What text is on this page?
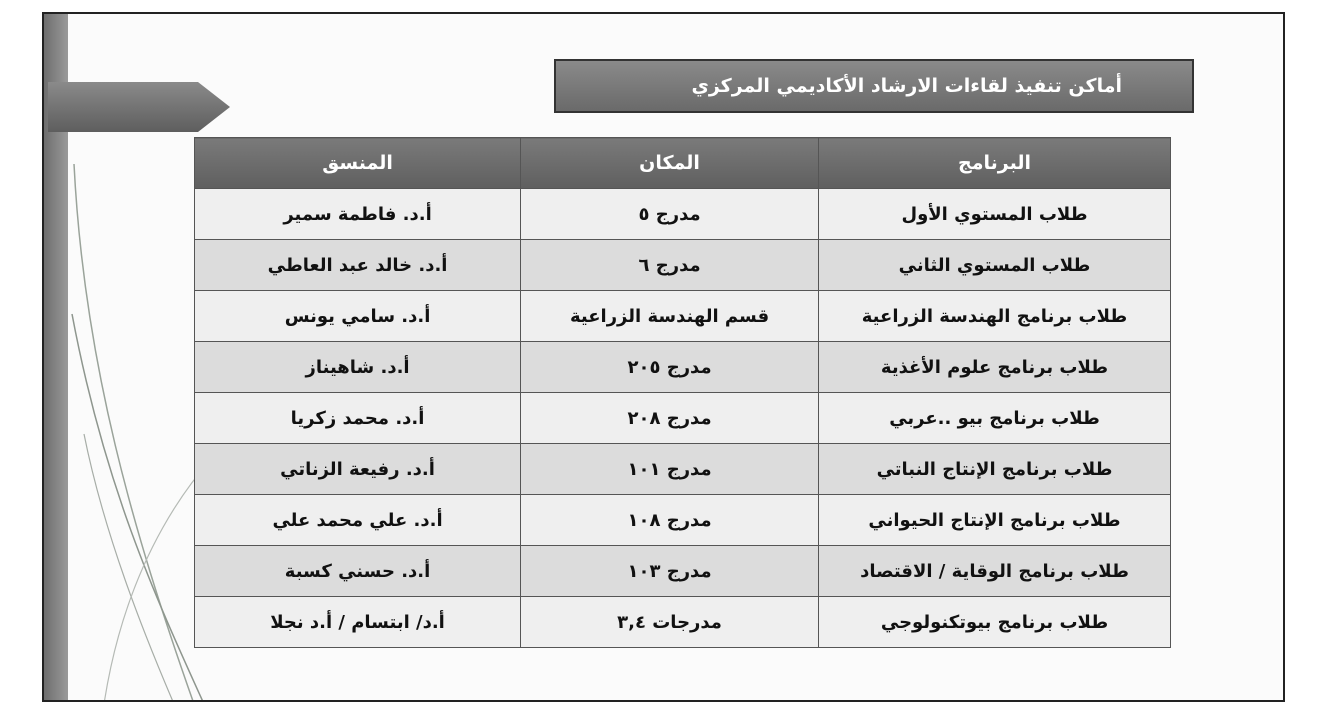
أماكن تنفيذ لقاءات الارشاد الأكاديمي المركزي
البرنامج	المكان	المنسق
طلاب المستوي الأول	مدرج ٥	أ.د. فاطمة سمير
طلاب المستوي الثاني	مدرج ٦	أ.د. خالد عبد العاطي
طلاب برنامج الهندسة الزراعية	قسم الهندسة الزراعية	أ.د. سامي يونس
طلاب برنامج علوم الأغذية	مدرج ٢٠٥	أ.د. شاهيناز
طلاب برنامج بيو ..عربي	مدرج ٢٠٨	أ.د. محمد زكريا
طلاب برنامج الإنتاج النباتي	مدرج ١٠١	أ.د. رفيعة الزناتي
طلاب برنامج الإنتاج الحيواني	مدرج ١٠٨	أ.د. علي محمد علي
طلاب برنامج الوقاية / الاقتصاد	مدرج ١٠٣	أ.د. حسني كسبة
طلاب برنامج بيوتكنولوجي	مدرجات ٣,٤	أ.د/ ابتسام / أ.د نجلا
